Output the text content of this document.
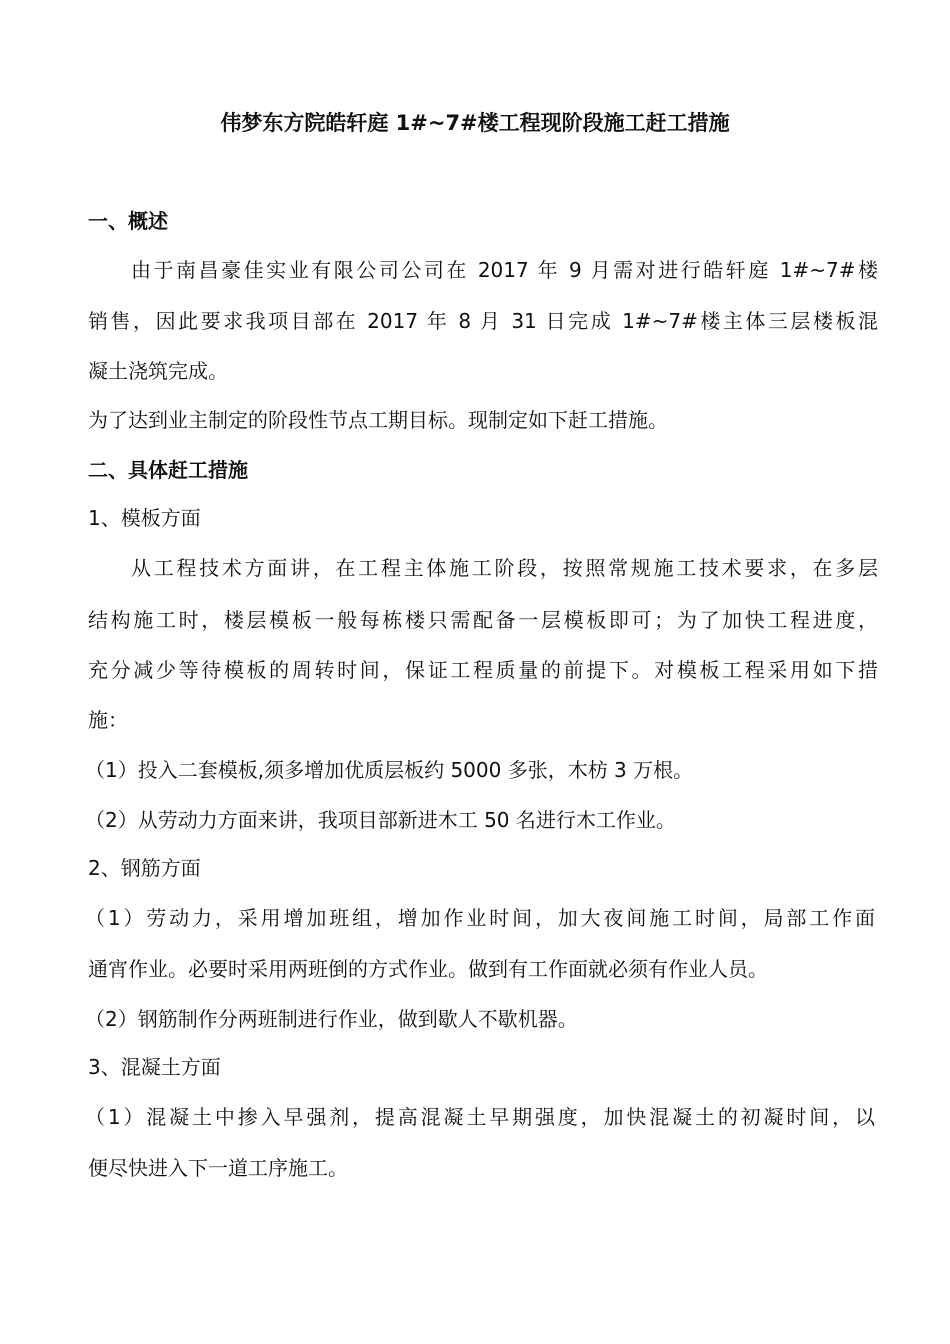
伟梦东方院皓轩庭 1#~7#楼工程现阶段施工赶工措施
一、概述
由于南昌豪佳实业有限公司公司在 2017 年 9 月需对进行皓轩庭 1#~7#楼
销售，因此要求我项目部在 2017 年 8 月 31 日完成 1#~7#楼主体三层楼板混
凝土浇筑完成。
为了达到业主制定的阶段性节点工期目标。现制定如下赶工措施。
二、具体赶工措施
1、模板方面
从工程技术方面讲，在工程主体施工阶段，按照常规施工技术要求，在多层
结构施工时，楼层模板一般每栋楼只需配备一层模板即可；为了加快工程进度，
充分减少等待模板的周转时间，保证工程质量的前提下。对模板工程采用如下措
施：
（1）投入二套模板,须多增加优质层板约 5000 多张，木枋 3 万根。
（2）从劳动力方面来讲，我项目部新进木工 50 名进行木工作业。
2、钢筋方面
（1）劳动力，采用增加班组，增加作业时间，加大夜间施工时间，局部工作面
通宵作业。必要时采用两班倒的方式作业。做到有工作面就必须有作业人员。
（2）钢筋制作分两班制进行作业，做到歇人不歇机器。
3、混凝土方面
（1）混凝土中掺入早强剂，提高混凝土早期强度，加快混凝土的初凝时间，以
便尽快进入下一道工序施工。
